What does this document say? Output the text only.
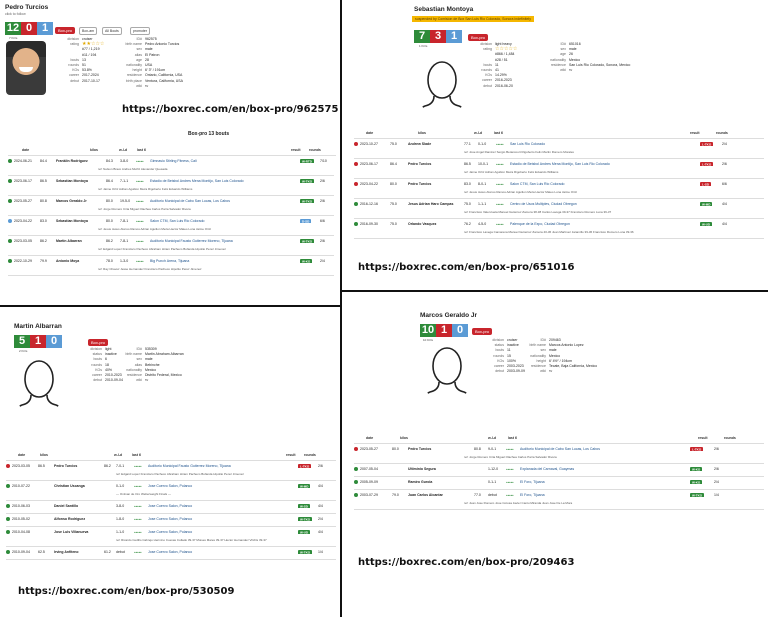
Pedro Turcios
click to follow
12 0 1
7 KOs
Box-pro	Box-am	All Bouts	promoter
division cruiser
rating ★★☆☆☆
#77 / 1,219
#11 / 194
bouts 13
rounds 51
KOs 53.8%
career 2017-2024
debut 2017-10-17
ID# 962575
birth name Pedro Antonio Turcios
sex male
alias El Patron
age 28
nationality USA
height 6′ 3″ / 191cm
residence Ontario, California, USA
birth place Ventura, California, USA
wiki W
https://boxrec.com/en/box-pro/962575
Box-pro 13 bouts
date	kilos	w-l-d	last 6	result	rounds
2024-06-21	84.4	Franklin Rodriguez	84.3	3-8-0	●●●●●	Gimnasio Stirling Fitness, Cali	W-RTD	7/10
ref: Nelson Bravo Andres Muñiz Alexander Quesada
2023-06-17	86.5	Sebastian Montoya	86.4	7-1-1	●●●●●	Estadio de Beisbol Andres Mena Montijo, San Luis Colorado	W-TKO	2/6
ref: Jaime Ortiz Adrian Aguilion Meza Rigoberto Felix Eduardo Williams
2023-05-27	80.8	Marcos Geraldo Jr	80.0	19-5-0	●●●●●	Auditorio Municipal de Cabo San Lucas, Los Cabos	W-TKO	2/6
ref: Jorge Romero Ciria Miguel Olachea Carlos Parra Salvador Rivera
2023-04-22	83.0	Sebastian Montoya	80.0	7-8-1	●●●●●	Salon CTM, San Luis Rio Colorado	D-SD	6/6
ref: Jesus Jesus Alonso Ramos Adrian Aguilion Meza Hector Mateo Luna Jaime Ortiz
2023-03-05	86.2	Martin Albarran	86.2	7-8-1	●●●●●	Auditorio Municipal Fausto Gutierrez Moreno, Tijuana	W-TKO	2/6
ref: Edgard Lopez Francisco Pacheco Abraham Hiram Pacheco Bufanda Hipolito Perez Jimenez
2022-10-29	79.9	Antonio Moya	78.0	1-3-0	●●●●●	Big Punch Arena, Tijuana	W-KO	2/4
ref: Ray Chavez Jesse Hernandez Francisco Pacheco Hipolito Perez Jimenez
Sebastian Montoya
suspended by Comision de Box San Luis Rio Colorado, Sonora indefinitely
7 3 1
1 KOs
Box-pro
division light heavy
rating ☆☆☆☆☆
#866 / 1,484
#28 / 51
bouts 11
rounds 41
KOs 14.29%
career 2016-2023
debut 2016-06-20
ID# 651016
sex male
age 26
nationality Mexico
residence San Luis Rio Colorado, Sonora, Mexico
wiki W
date	kilos	w-l-d	last 6	result	rounds
2023-10-27	75.0	Andrew Slade	77.1	0-1-0	●●●●●	San Luis Rio Colorado	L-TKO	2/4
ref: Jose Angel Ramirez Sergio Betancourt Rigoberto Felix Martin Romero Morales
2023-06-17	86.4	Pedro Turcios	86.5	10-0-1	●●●●●	Estadio de Beisbol Andres Mena Montijo, San Luis Rio Colorado	L-TKO	2/6
ref: Jaime Ortiz Adrian Aguilion Meza Rigoberto Felix Eduardo Williams
2023-04-22	80.0	Pedro Turcios	83.0	8-0-1	●●●●●	Salon CTM, San Luis Rio Colorado	L-SD	6/6
ref: Jesus Jesus Alonso Ramos Adrian Aguilion Meza Hector Mateo Luna Jaime Ortiz
2016-12-16	75.0	Jesus Adrian Haro Campas	75.0	1-1-1	●●●●●	Centro de Usos Multiples, Ciudad Obregon	W-MD	4/4
ref: Francisco Valenzuela Manuel Gutierrez Zamora 38-38 Carlos Lavega 39-37 Francisco Romero Luna 39-37
2016-09-30	75.0	Orlando Vasquez	76.2	4-5-0	●●●●●	Palenque de la Expo, Ciudad Obregon	W-UD	4/4
ref: Francisco Lavega Camarena Manuel Gutierrez Zamora 40-36 Juan Martinez Jaramillo 39-36 Francisco Romero Luna 39-36
https://boxrec.com/en/box-pro/651016
Martin Albarran
5 1 0
2 KOs
Box-pro
division light
status inactive
bouts 6
rounds 18
KOs 40%
career 2010-2023
debut 2010-09-04
ID# 535309
birth name Martin Abraham Albarran
sex male
alias Bebinche
nationality Mexico
residence Distrito Federal, Mexico
wiki W
date	kilos	w-l-d	last 6	result	rounds
2023-03-05	86.5	Pedro Turcios	86.2	7-0-1	●●●●●	Auditorio Municipal Fausto Gutierrez Moreno, Tijuana	L-TKO	2/6
ref: Edgard Lopez Francisco Pacheco Abraham Hiram Pacheco Bufanda Hipolito Perez Jimenez
2010-07-22	Christian Uscanga	0-1-0	●●●●●	Jose Cuervo Salon, Polanco	W-MD	4/4
— Ontivan de Oro Welterweight Finals —
2010-06-03	Daniel Santillo	3-8-0	●●●●●	Jose Cuervo Salon, Polanco	W-SD	4/4
2010-05-02	Alfonso Rodriguez	1-8-0	●●●●●	Jose Cuervo Salon, Polanco	W-TKO	2/4
2010-04-08	Jose Luis Villanueva	1-1-0	●●●●●	Jose Cuervo Salon, Polanco	W-UD	4/4
ref: Ricardo Cedillo Cabrejo Hermino Cuevas Collado 39-37 Moises Mares 39-37 Hector Hernandez Vilchis 39-37
2010-09-04	62.5	Irving Anfiteno	61.2	debut	●●●●●	Jose Cuervo Salon, Polanco	W-TKO	1/4
https://boxrec.com/en/box-pro/530509
Marcos Geraldo Jr
10 1 0
10 KOs
Box-pro
division cruiser
status inactive
bouts 11
rounds 15
KOs 100%
career 2003-2023
debut 2003-09-09
ID# 209463
birth name Marcos Antonio Lopez
sex male
nationality Mexico
height 6′ 4½″ / 194cm
residence Tecate, Baja California, Mexico
wiki W
date	kilos	w-l-d	last 6	result	rounds
2023-05-27	80.0	Pedro Turcios	80.8	9-0-1	●●●●●	Auditorio Municipal de Cabo San Lucas, Los Cabos	L-TKO	2/6
ref: Jorge Romero Ciria Miguel Olachea Carlos Parra Salvador Rivera
2007-05-04	Ultiminio Segura	1-12-0	●●●●●	Explanada del Carnaval, Guaymas	W-KO	2/6
2005-09-09	Ramiro Gurola	0-1-1	●●●●●	El Foro, Tijuana	W-KO	2/4
2003-07-29	79.0	Juan Carlos Alcantar	77.0	debut	●●●●●	El Foro, Tijuana	W-TKO	1/4
ref: Juan Jose Romero Jose Cotosa Javier Cantu Miranda Juan Jose De La Mora
https://boxrec.com/en/box-pro/209463
